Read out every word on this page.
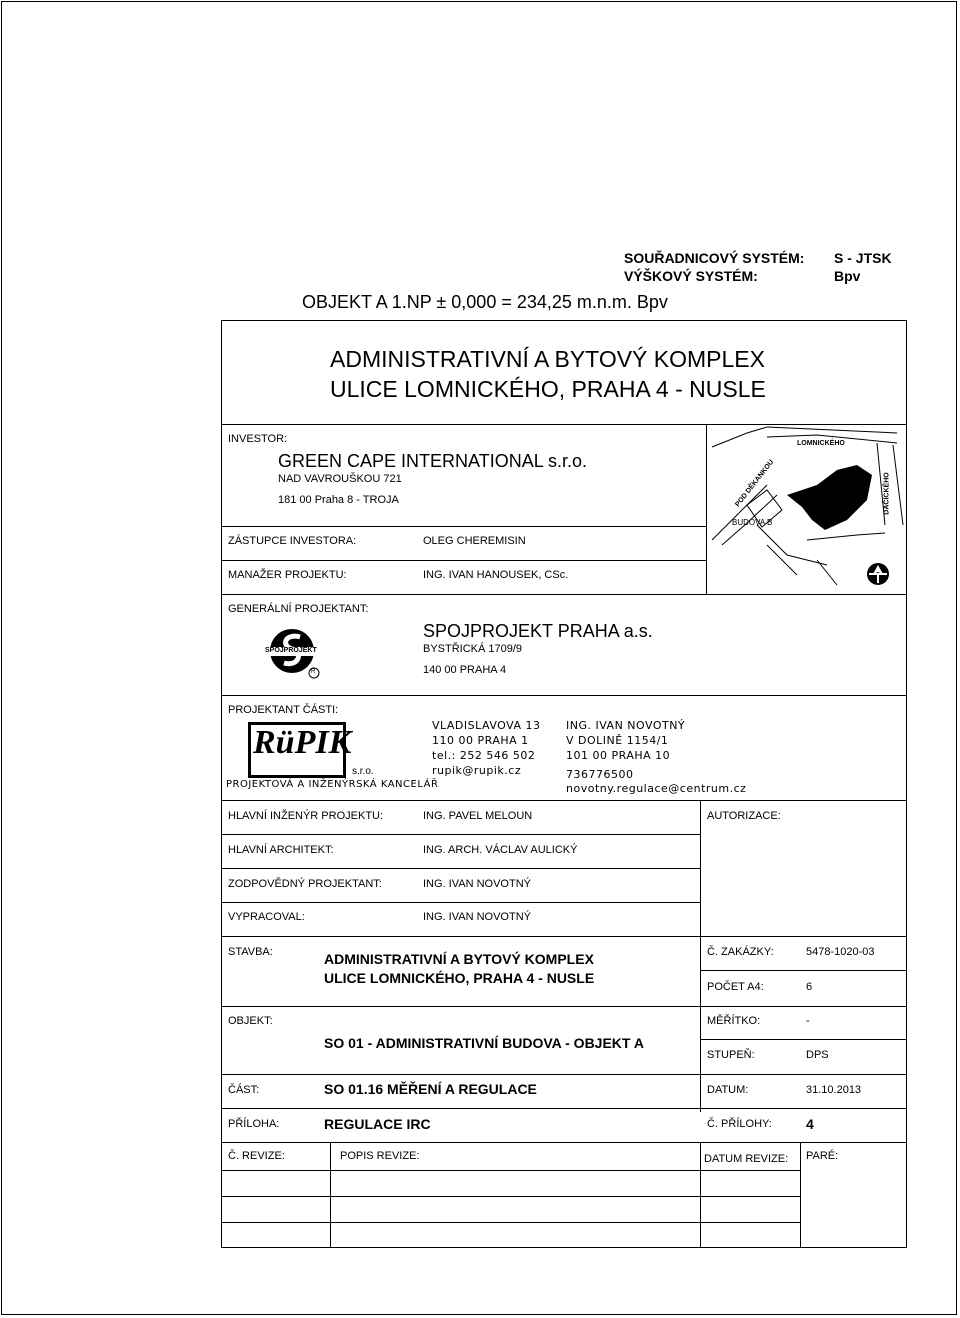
SOUŘADNICOVÝ SYSTÉM: S - JTSK
VÝŠKOVÝ SYSTÉM:	Bpv
OBJEKT A 1.NP ± 0,000 = 234,25 m.n.m. Bpv
ADMINISTRATIVNÍ A BYTOVÝ KOMPLEX
ULICE LOMNICKÉHO, PRAHA 4 - NUSLE
INVESTOR:
GREEN CAPE INTERNATIONAL s.r.o.
NAD VAVROUŠKOU 721
181 00 Praha 8 - TROJA
LOMNICKÉHO
POD DĚKANKOU	DAČICKÉHO
BUDOVA B
ZÁSTUPCE INVESTORA:	OLEG CHEREMISIN
MANAŽER PROJEKTU:	ING. IVAN HANOUSEK, CSc.
GENERÁLNÍ PROJEKTANT:
SPOJPROJEKT
R
SPOJPROJEKT PRAHA a.s.
BYSTŘICKÁ 1709/9
140 00 PRAHA 4
PROJEKTANT ČÁSTI:
RüPIK
s.r.o.
PROJEKTOVÁ A INŽENÝRSKÁ KANCELÁŘ
VLADISLAVOVA 13
110 00 PRAHA 1
tel.: 252 546 502
rupik@rupik.cz
ING. IVAN NOVOTNÝ
V DOLINĚ 1154/1
101 00 PRAHA 10
736776500
novotny.regulace@centrum.cz
AUTORIZACE:
HLAVNÍ INŽENÝR PROJEKTU:	ING. PAVEL MELOUN
HLAVNÍ ARCHITEKT:	ING. ARCH. VÁCLAV AULICKÝ
ZODPOVĚDNÝ PROJEKTANT:	ING. IVAN NOVOTNÝ
VYPRACOVAL:	ING. IVAN NOVOTNÝ
STAVBA:	ADMINISTRATIVNÍ A BYTOVÝ KOMPLEX
ULICE LOMNICKÉHO, PRAHA 4 - NUSLE
Č. ZAKÁZKY:	5478-1020-03
POČET A4:	6
OBJEKT:
SO 01 - ADMINISTRATIVNÍ BUDOVA - OBJEKT A
MĚŘÍTKO:	-
STUPEŇ:	DPS
ČÁST:	SO 01.16 MĚŘENÍ A REGULACE	DATUM:	31.10.2013
PŘÍLOHA:	REGULACE IRC	Č. PŘÍLOHY: 4
Č. REVIZE:	POPIS REVIZE:	DATUM REVIZE: PARÉ:
